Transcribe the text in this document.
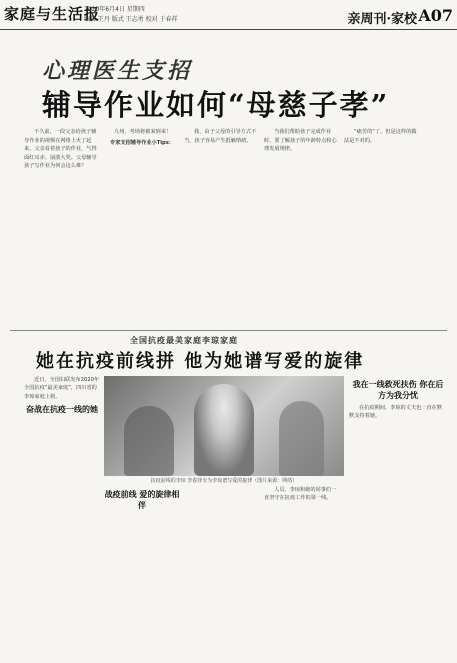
家庭与生活报
2020年6月4日 星期四
编辑 王丹 版式 王志勇 校对 于春祥	亲周刊·家校 A07
心理医生支招
辅导作业如何“母慈子孝”

不久前，一段父亲给孩子辅导作业的视频在网络上火了起来，父亲看着孩子的作业，气得面红耳赤、崩溃大哭。父母辅导孩子写作业为何会这么难？

九州，考场将被来到来！

专家支招辅导作业小Tips：

我，由于父母的引导方式不当，孩子容易产生抵触情绪。

当我们帮助孩子完成作业时，要了解孩子的年龄特点和心理发展规律。

“痛苦的”了，但是这样的做法是不对的。

全国抗疫最美家庭李琼家庭
她在抗疫前线拼 他为她谱写爱的旋律

近日，全国妇联发布2020年全国抗疫“最美家庭”，四川省的李琼家庭上榜。

奋战在抗疫一线的她

抗疫前线的李琼 李春泽专为李琼谱写爱的旋律（图片来源：网络）

战疫前线 爱的旋律相伴

人员，李琼和她的同事们一直坚守在抗疫工作的第一线。

我在一线救死扶伤 你在后方为我分忧

在抗疫期间，李琼的丈夫也一直在默默支持着她。
